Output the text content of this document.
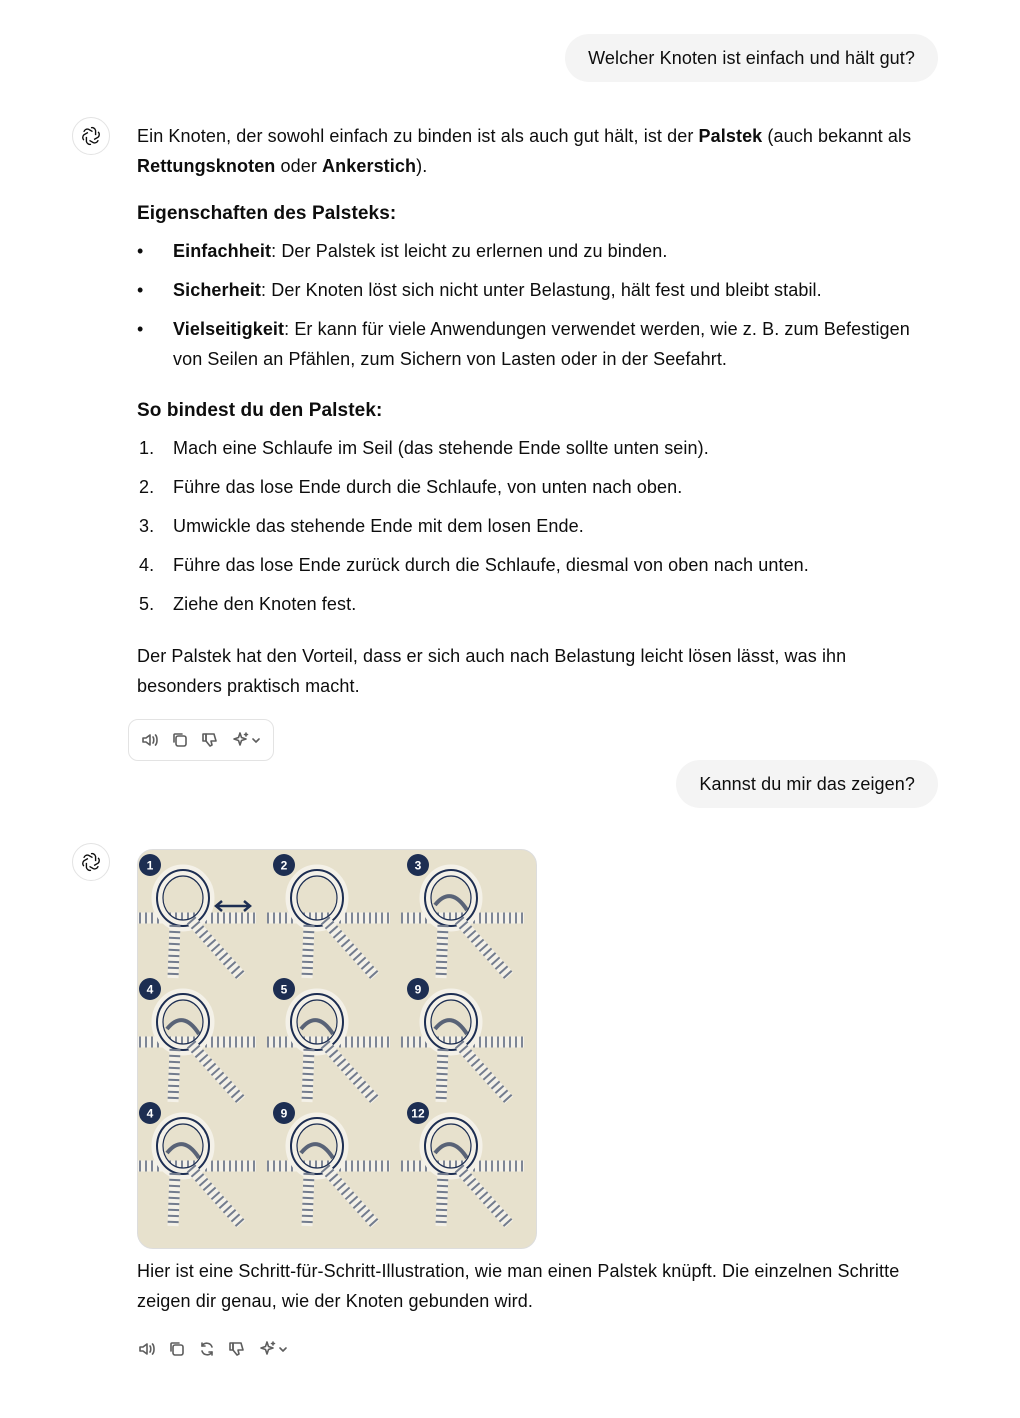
Welcher Knoten ist einfach und hält gut?

Ein Knoten, der sowohl einfach zu binden ist als auch gut hält, ist der Palstek (auch bekannt als Rettungsknoten oder Ankerstich).

Eigenschaften des Palsteks:
• Einfachheit: Der Palstek ist leicht zu erlernen und zu binden.
• Sicherheit: Der Knoten löst sich nicht unter Belastung, hält fest und bleibt stabil.
• Vielseitigkeit: Er kann für viele Anwendungen verwendet werden, wie z. B. zum Befestigen von Seilen an Pfählen, zum Sichern von Lasten oder in der Seefahrt.
So bindest du den Palstek:
1. Mach eine Schlaufe im Seil (das stehende Ende sollte unten sein).
2. Führe das lose Ende durch die Schlaufe, von unten nach oben.
3. Umwickle das stehende Ende mit dem losen Ende.
4. Führe das lose Ende zurück durch die Schlaufe, diesmal von oben nach unten.
5. Ziehe den Knoten fest.

Der Palstek hat den Vorteil, dass er sich auch nach Belastung leicht lösen lässt, was ihn besonders praktisch macht.

Kannst du mir das zeigen?
1	2	3
4	5	9
4	9	12

Hier ist eine Schritt-für-Schritt-Illustration, wie man einen Palstek knüpft. Die einzelnen Schritte zeigen dir genau, wie der Knoten gebunden wird.
